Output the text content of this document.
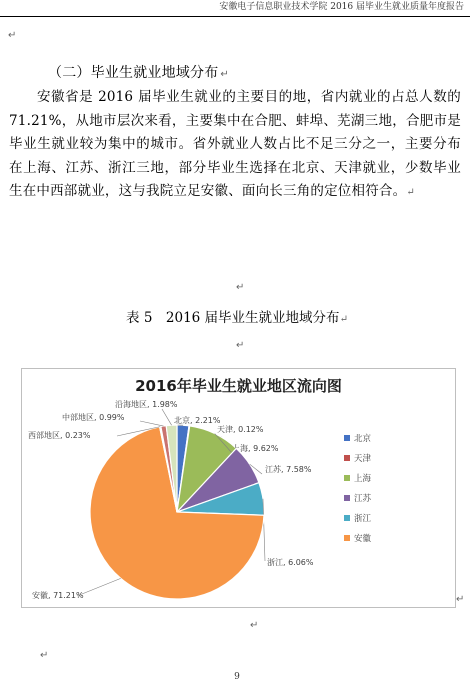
安徽电子信息职业技术学院 2016 届毕业生就业质量年度报告
↵
（二）毕业生就业地域分布 ↵
安徽省是 2016 届毕业生就业的主要目的地，省内就业的占总人数的 71.21%，从地市层次来看，主要集中在合肥、蚌埠、芜湖三地，合肥市是毕业生就业较为集中的城市。省外就业人数占比不足三分之一，主要分布在上海、江苏、浙江三地，部分毕业生选择在北京、天津就业，少数毕业生在中西部就业，这与我院立足安徽、面向长三角的定位相符合。↵
↵
表 5　2016 届毕业生就业地域分布↵
↵
2016年毕业生就业地区流向图
北京, 2.21%
天津, 0.12%
上海, 9.62%
江苏, 7.58%
浙江, 6.06%
安徽, 71.21%
西部地区, 0.23%
中部地区, 0.99%
沿海地区, 1.98%
北京
天津
上海
江苏
浙江
安徽
↵
↵
↵
9
